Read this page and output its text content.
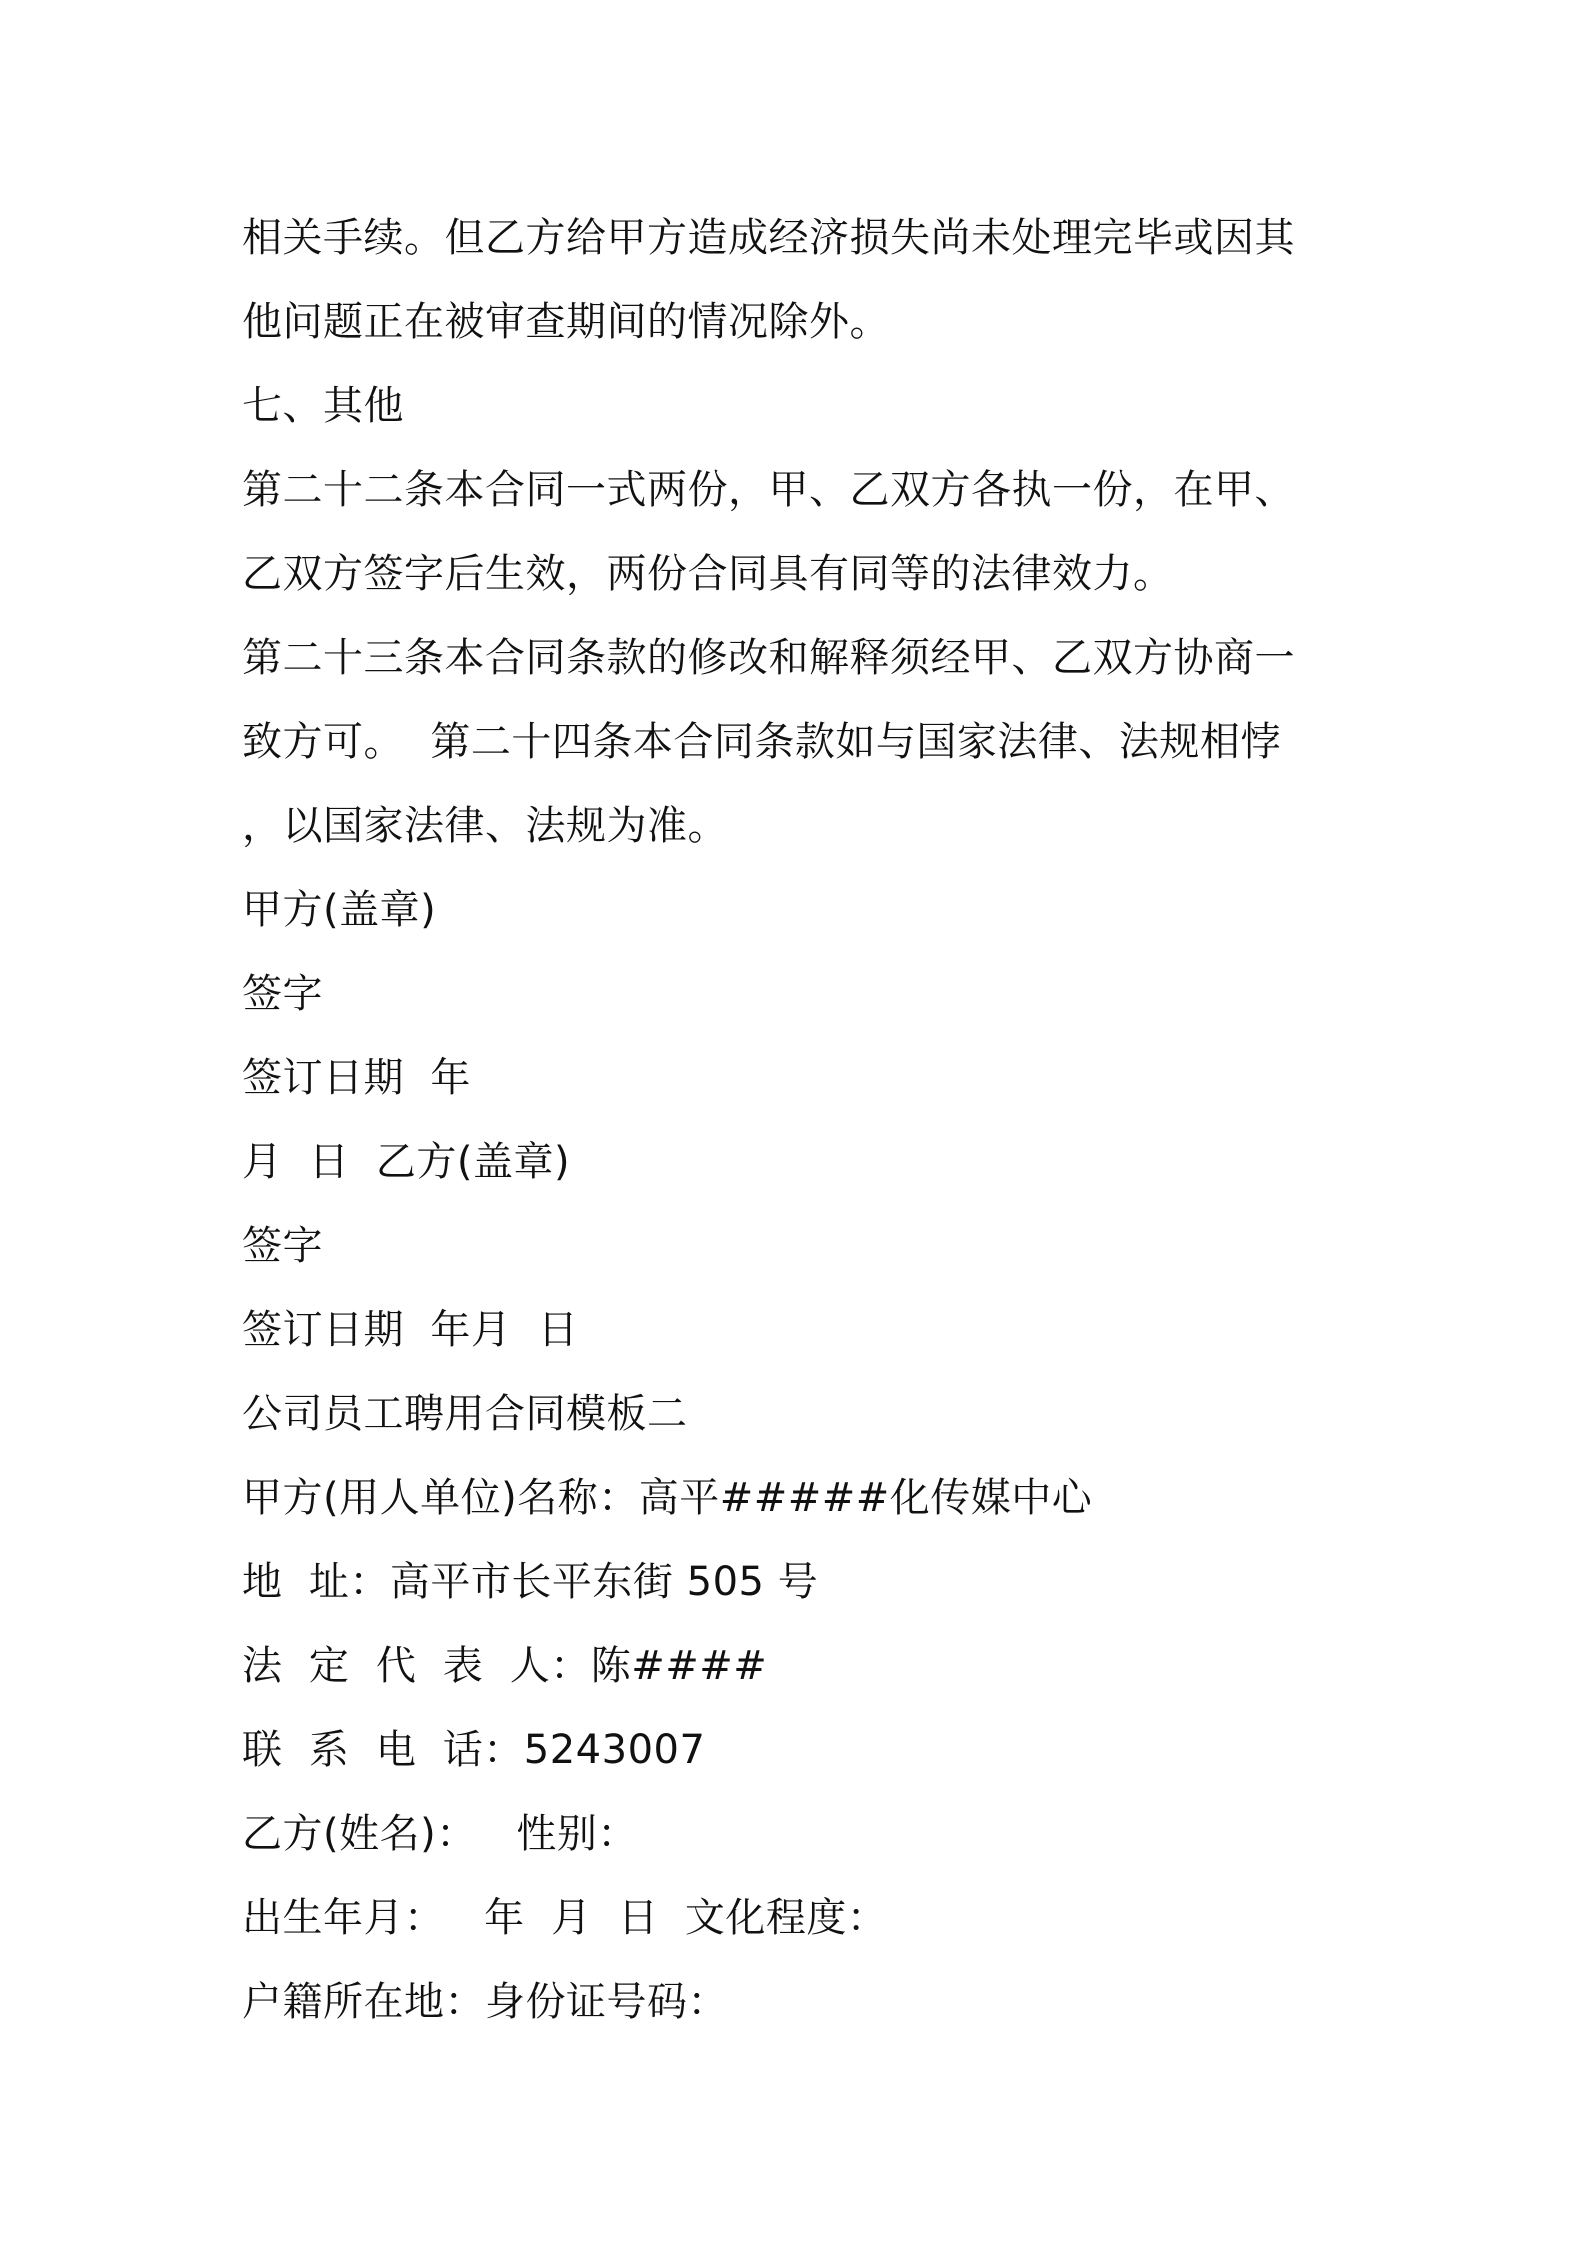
相关手续。但乙方给甲方造成经济损失尚未处理完毕或因其
他问题正在被审查期间的情况除外。
七、其他
第二十二条本合同一式两份，甲、乙双方各执一份，在甲、
乙双方签字后生效，两份合同具有同等的法律效力。
第二十三条本合同条款的修改和解释须经甲、乙双方协商一
致方可。  第二十四条本合同条款如与国家法律、法规相悖
，以国家法律、法规为准。
甲方(盖章)
签字
签订日期  年
月  日  乙方(盖章)
签字
签订日期  年月  日
公司员工聘用合同模板二
甲方(用人单位)名称：高平#####化传媒中心
地  址：高平市长平东街 505 号
法  定  代  表  人：陈####
联  系  电  话：5243007
乙方(姓名)：   性别：
出生年月：   年  月  日  文化程度：
户籍所在地：身份证号码：
